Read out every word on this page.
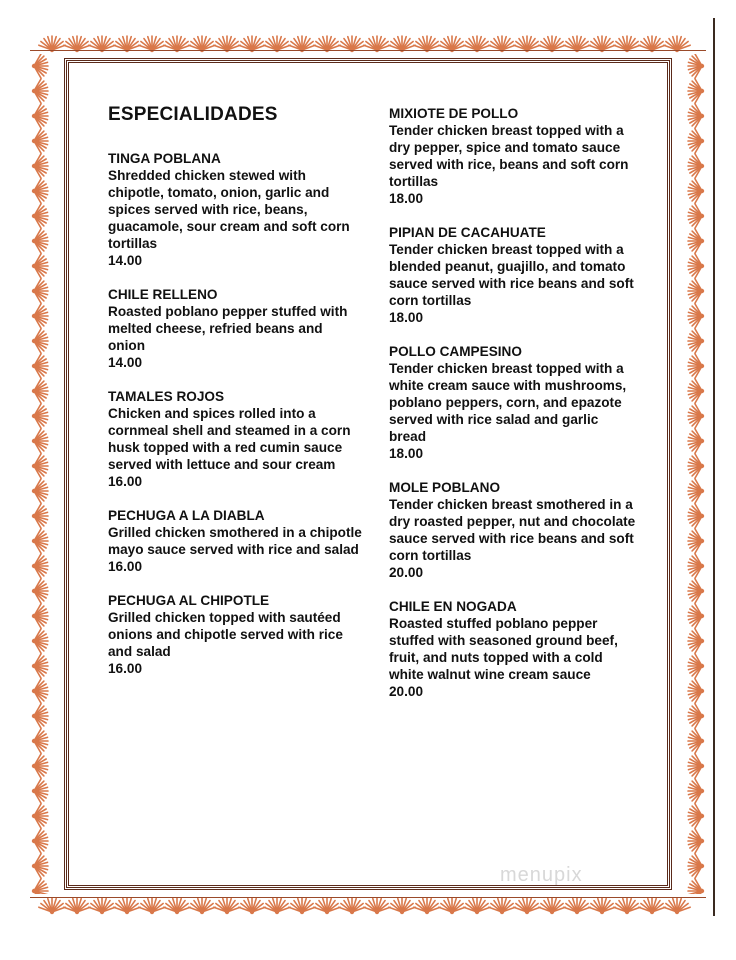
ESPECIALIDADES
TINGA POBLANA
Shredded chicken stewed with chipotle, tomato, onion, garlic and spices served with rice, beans, guacamole, sour cream and soft corn tortillas
14.00
CHILE RELLENO
Roasted poblano pepper stuffed with melted cheese, refried beans and onion
14.00
TAMALES ROJOS
Chicken and spices rolled into a cornmeal shell and steamed in a corn husk topped with a red cumin sauce served with lettuce and sour cream
16.00
PECHUGA A LA DIABLA
Grilled chicken smothered in a chipotle mayo sauce served with rice and salad
16.00
PECHUGA AL CHIPOTLE
Grilled chicken topped with sautéed onions and chipotle served with rice and salad
16.00
MIXIOTE DE POLLO
Tender chicken breast topped with a dry pepper, spice and tomato sauce served with rice, beans and soft corn tortillas
18.00
PIPIAN DE CACAHUATE
Tender chicken breast topped with a blended peanut, guajillo, and tomato sauce served with rice beans and soft corn tortillas
18.00
POLLO CAMPESINO
Tender chicken breast topped with a white cream sauce with mushrooms, poblano peppers, corn, and epazote served with rice salad and garlic bread
18.00
MOLE POBLANO
Tender chicken breast smothered in a dry roasted pepper, nut and chocolate sauce served with rice beans and soft corn tortillas
20.00
CHILE EN NOGADA
Roasted stuffed poblano pepper stuffed with seasoned ground beef, fruit, and nuts topped with a cold white walnut wine cream sauce
20.00
menupix
